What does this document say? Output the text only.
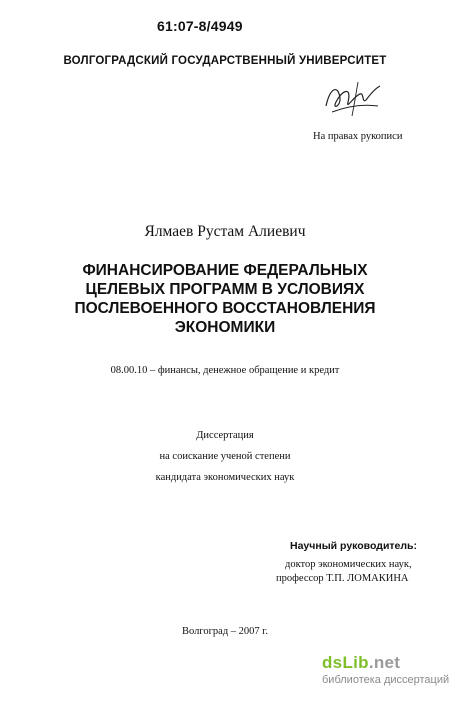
61:07-8/4949
ВОЛГОГРАДСКИЙ ГОСУДАРСТВЕННЫЙ УНИВЕРСИТЕТ
На правах рукописи
Ялмаев Рустам Алиевич
ФИНАНСИРОВАНИЕ ФЕДЕРАЛЬНЫХ
ЦЕЛЕВЫХ ПРОГРАММ В УСЛОВИЯХ
ПОСЛЕВОЕННОГО ВОССТАНОВЛЕНИЯ
ЭКОНОМИКИ
08.00.10 – финансы, денежное обращение и кредит
Диссертация
на соискание ученой степени
кандидата экономических наук
Научный руководитель:
доктор экономических наук,
профессор Т.П. ЛОМАКИНА
Волгоград – 2007 г.
dsLib.net
библиотека диссертаций
